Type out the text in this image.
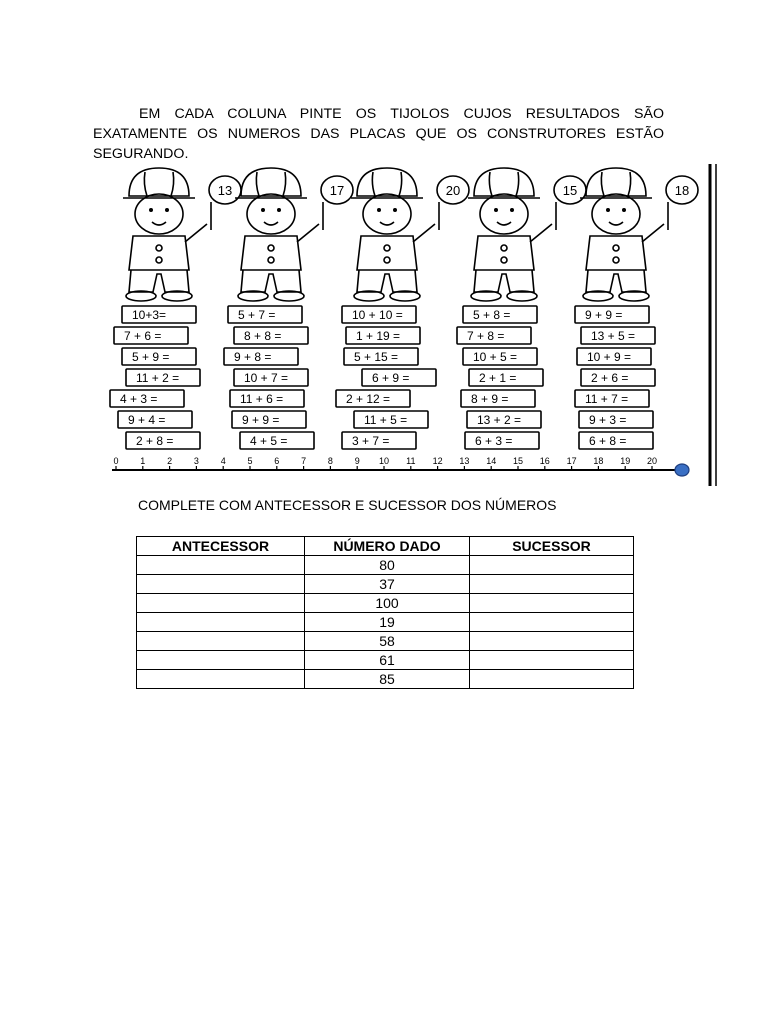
EM CADA COLUNA PINTE OS TIJOLOS CUJOS RESULTADOS SÃO EXATAMENTE OS NUMEROS DAS PLACAS QUE OS CONSTRUTORES ESTÃO SEGURANDO.
13
10+3=
7 + 6 =
5 + 9 =
11 + 2 =
4 + 3 =
9 + 4 =
2 + 8 =
17
5 + 7 =
8 + 8 =
9 + 8 =
10 + 7 =
11 + 6 =
9 + 9 =
4 + 5 =
20
10 + 10 =
1 + 19 =
5 + 15 =
6 + 9 =
2 + 12 =
11 + 5 =
3 + 7 =
15
5 + 8 =
7 + 8 =
10 + 5 =
2 + 1 =
8 + 9 =
13 + 2 =
6 + 3 =
18
9 + 9 =
13 + 5 =
10 + 9 =
2 + 6 =
11 + 7 =
9 + 3 =
6 + 8 =
0 1 2 3 4 5 6 7 8 9 10 11 12 13 14 15 16 17 18 19 20
COMPLETE COM ANTECESSOR E SUCESSOR DOS NÚMEROS
ANTECESSOR	NÚMERO DADO	SUCESSOR
	80	
	37	
	100	
	19	
	58	
	61	
	85	
